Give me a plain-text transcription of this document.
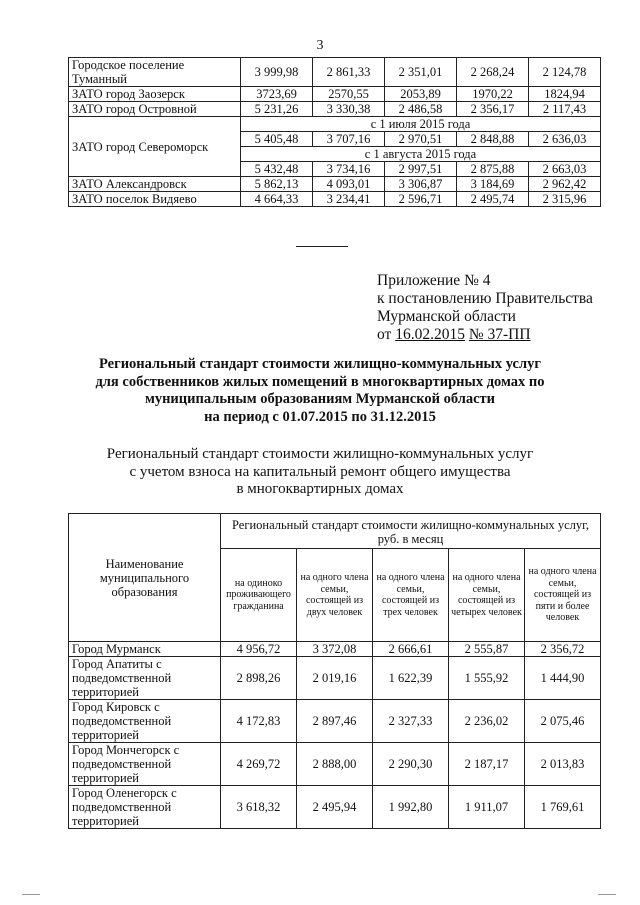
3
Городское поселение Туманный	3 999,98	2 861,33	2 351,01	2 268,24	2 124,78
ЗАТО город Заозерск	3723,69	2570,55	2053,89	1970,22	1824,94
ЗАТО город Островной	5 231,26	3 330,38	2 486,58	2 356,17	2 117,43
ЗАТО город Североморск	с 1 июля 2015 года				
	5 405,48	3 707,16	2 970,51	2 848,88	2 636,03
	с 1 августа 2015 года				
	5 432,48	3 734,16	2 997,51	2 875,88	2 663,03
ЗАТО Александровск	5 862,13	4 093,01	3 306,87	3 184,69	2 962,42
ЗАТО поселок Видяево	4 664,33	3 234,41	2 596,71	2 495,74	2 315,96
Приложение № 4
к постановлению Правительства
Мурманской области
от 16.02.2015 № 37-ПП
Региональный стандарт стоимости жилищно-коммунальных услуг
для собственников жилых помещений в многоквартирных домах по
муниципальным образованиям Мурманской области
на период с 01.07.2015 по 31.12.2015
Региональный стандарт стоимости жилищно-коммунальных услуг
с учетом взноса на капитальный ремонт общего имущества
в многоквартирных домах
Наименование муниципального образования	Региональный стандарт стоимости жилищно-коммунальных услуг, руб. в месяц				
	на одиноко проживающего гражданина	на одного члена семьи, состоящей из двух человек	на одного члена семьи, состоящей из трех человек	на одного члена семьи, состоящей из четырех человек	на одного члена семьи, состоящей из пяти и более человек
Город Мурманск	4 956,72	3 372,08	2 666,61	2 555,87	2 356,72
Город Апатиты с подведомственной территорией	2 898,26	2 019,16	1 622,39	1 555,92	1 444,90
Город Кировск с подведомственной территорией	4 172,83	2 897,46	2 327,33	2 236,02	2 075,46
Город Мончегорск с подведомственной территорией	4 269,72	2 888,00	2 290,30	2 187,17	2 013,83
Город Оленегорск с подведомственной территорией	3 618,32	2 495,94	1 992,80	1 911,07	1 769,61
